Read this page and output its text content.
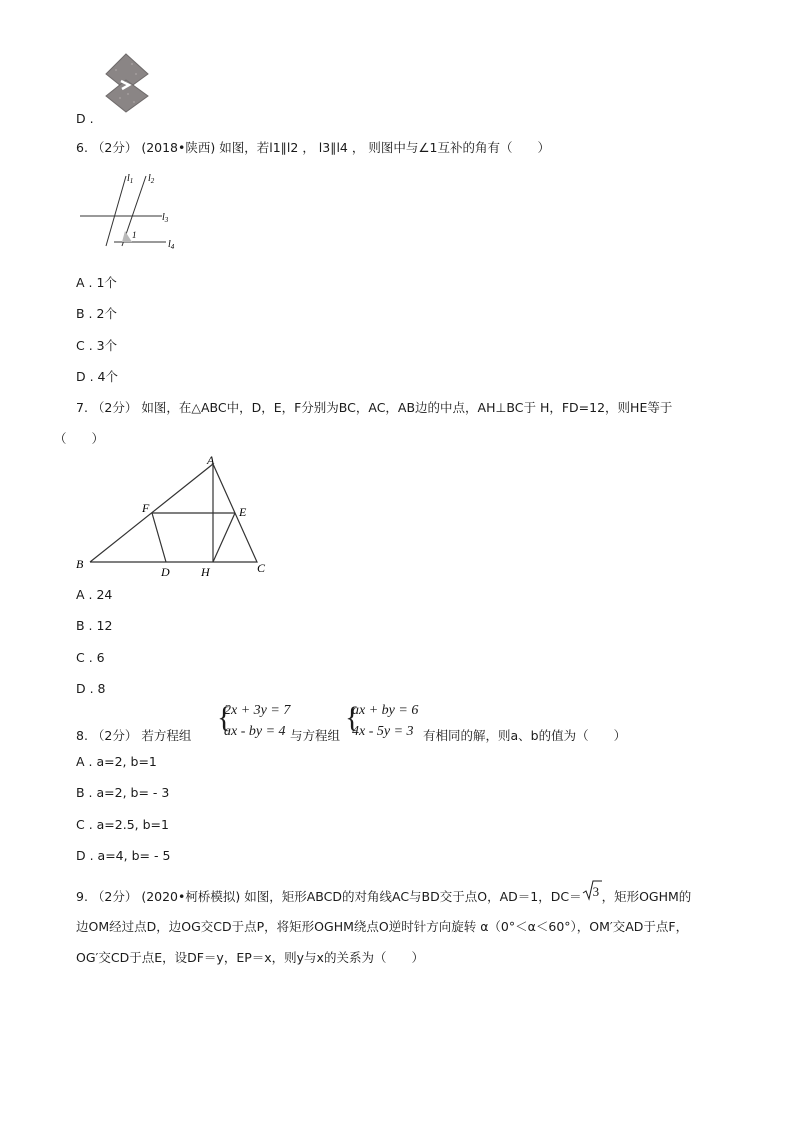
D .
6. （2分） (2018•陕西) 如图，若l1∥l2 ， l3∥l4 ， 则图中与∠1互补的角有（　　）
$l_1$ $l_2$
$l_3$
$l_4$
1
A . 1个
B . 2个
C . 3个
D . 4个
7. （2分） 如图，在△ABC中，D，E，F分别为BC，AC，AB边的中点，AH⊥BC于 H，FD=12，则HE等于
（　　）
A
B	C
D
E
F
H
A . 24
B . 12
C . 6
D . 8
8. （2分） 若方程组
{
2x + 3y = 7
ax - by = 4 与方程组
{
ax + by = 6
4x - 5y = 3 有相同的解，则a、b的值为（　　）
A . a=2, b=1
B . a=2, b= - 3
C . a=2.5, b=1
D . a=4, b= - 5
9. （2分） (2020•柯桥模拟) 如图，矩形ABCD的对角线AC与BD交于点O，AD＝1，DC＝ 3 ，矩形OGHM的
边OM经过点D，边OG交CD于点P，将矩形OGHM绕点O逆时针方向旋转 α（0°＜α＜60°），OM′交AD于点F，
OG′交CD于点E，设DF＝y，EP＝x，则y与x的关系为（　　）
